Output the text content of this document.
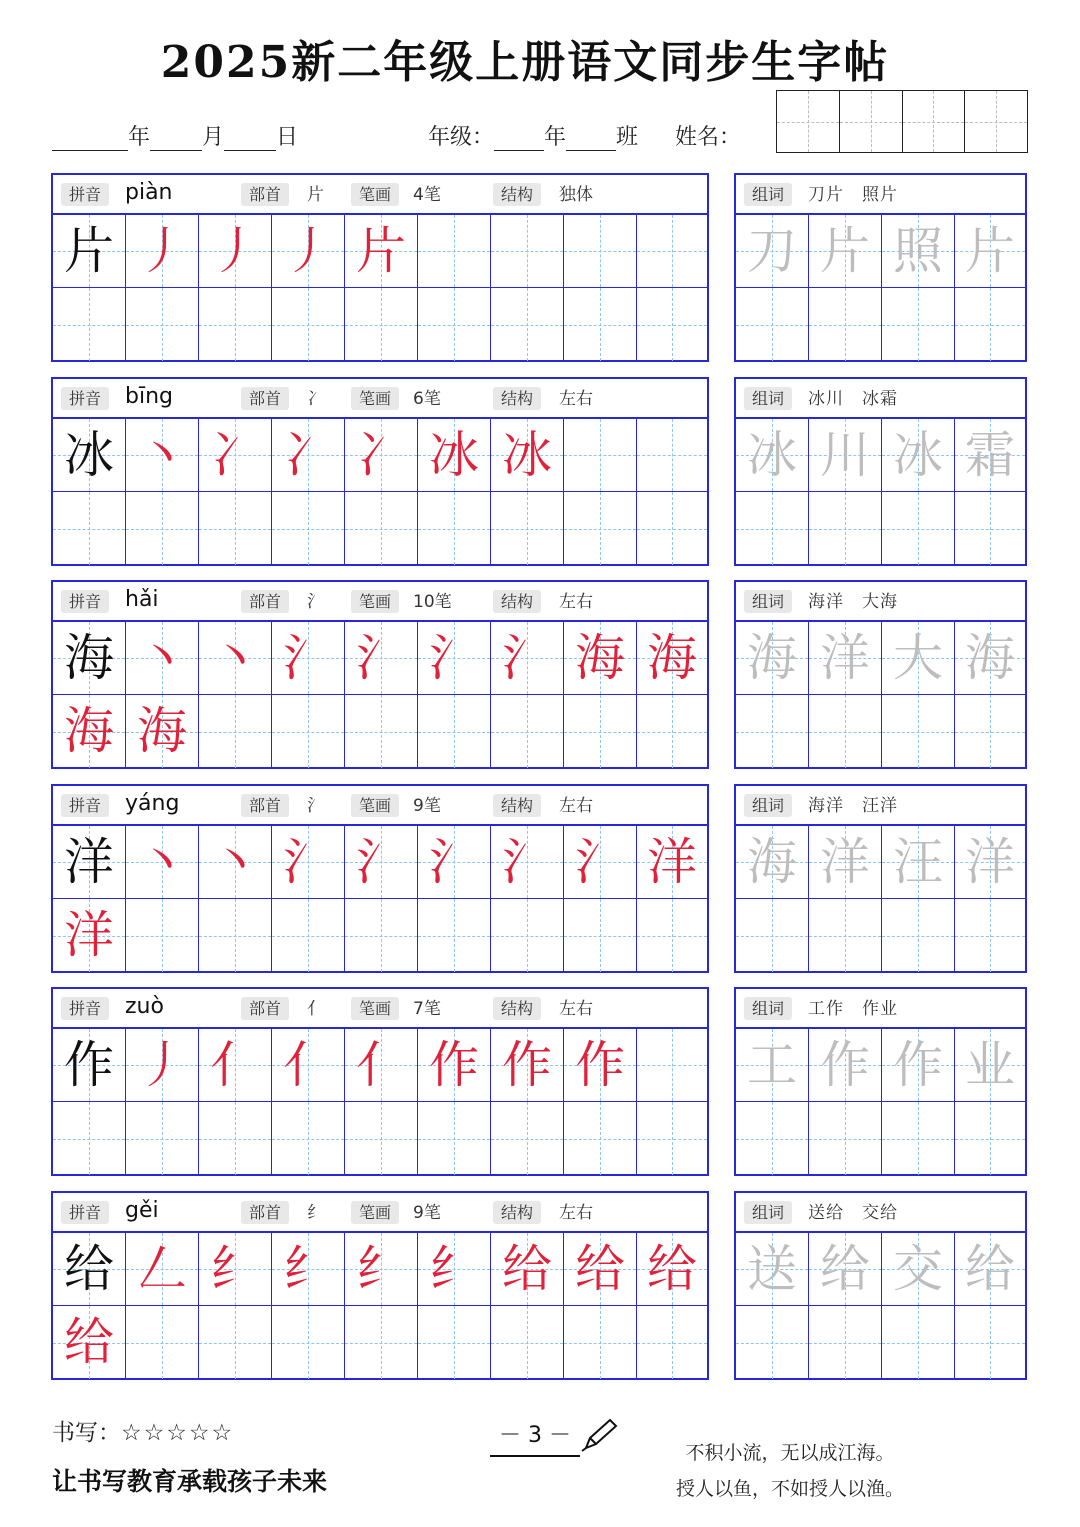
2025新二年级上册语文同步生字帖
年 月 日	年级： 年 班 姓名：
拼音	piàn	部首	片	笔画	4笔	结构	独体
片 丿 丿 丿 片
组词	刀片　照片
刀 片 照 片
拼音	bīng	部首	冫	笔画	6笔	结构	左右
冰 丶 冫 冫 冫 冰 冰
组词	冰川　冰霜
冰 川 冰 霜
拼音	hǎi	部首	氵	笔画	10笔	结构	左右
海 丶 丶 氵 氵 氵 氵 海 海
海 海
组词	海洋　大海
海 洋 大 海
拼音	yáng	部首	氵	笔画	9笔	结构	左右
洋 丶 丶 氵 氵 氵 氵 氵 洋
洋
组词	海洋　汪洋
海 洋 汪 洋
拼音	zuò	部首	亻	笔画	7笔	结构	左右
作 丿 亻 亻 亻 作 作 作
组词	工作　作业
工 作 作 业
拼音	gěi	部首	纟	笔画	9笔	结构	左右
给 𠃋 纟 纟 纟 纟 给 给 给
给
组词	送给　交给
送 给 交 给
书写：☆☆☆☆☆
让书写教育承载孩子未来
－ 3 －
不积小流，无以成江海。
授人以鱼，不如授人以渔。
